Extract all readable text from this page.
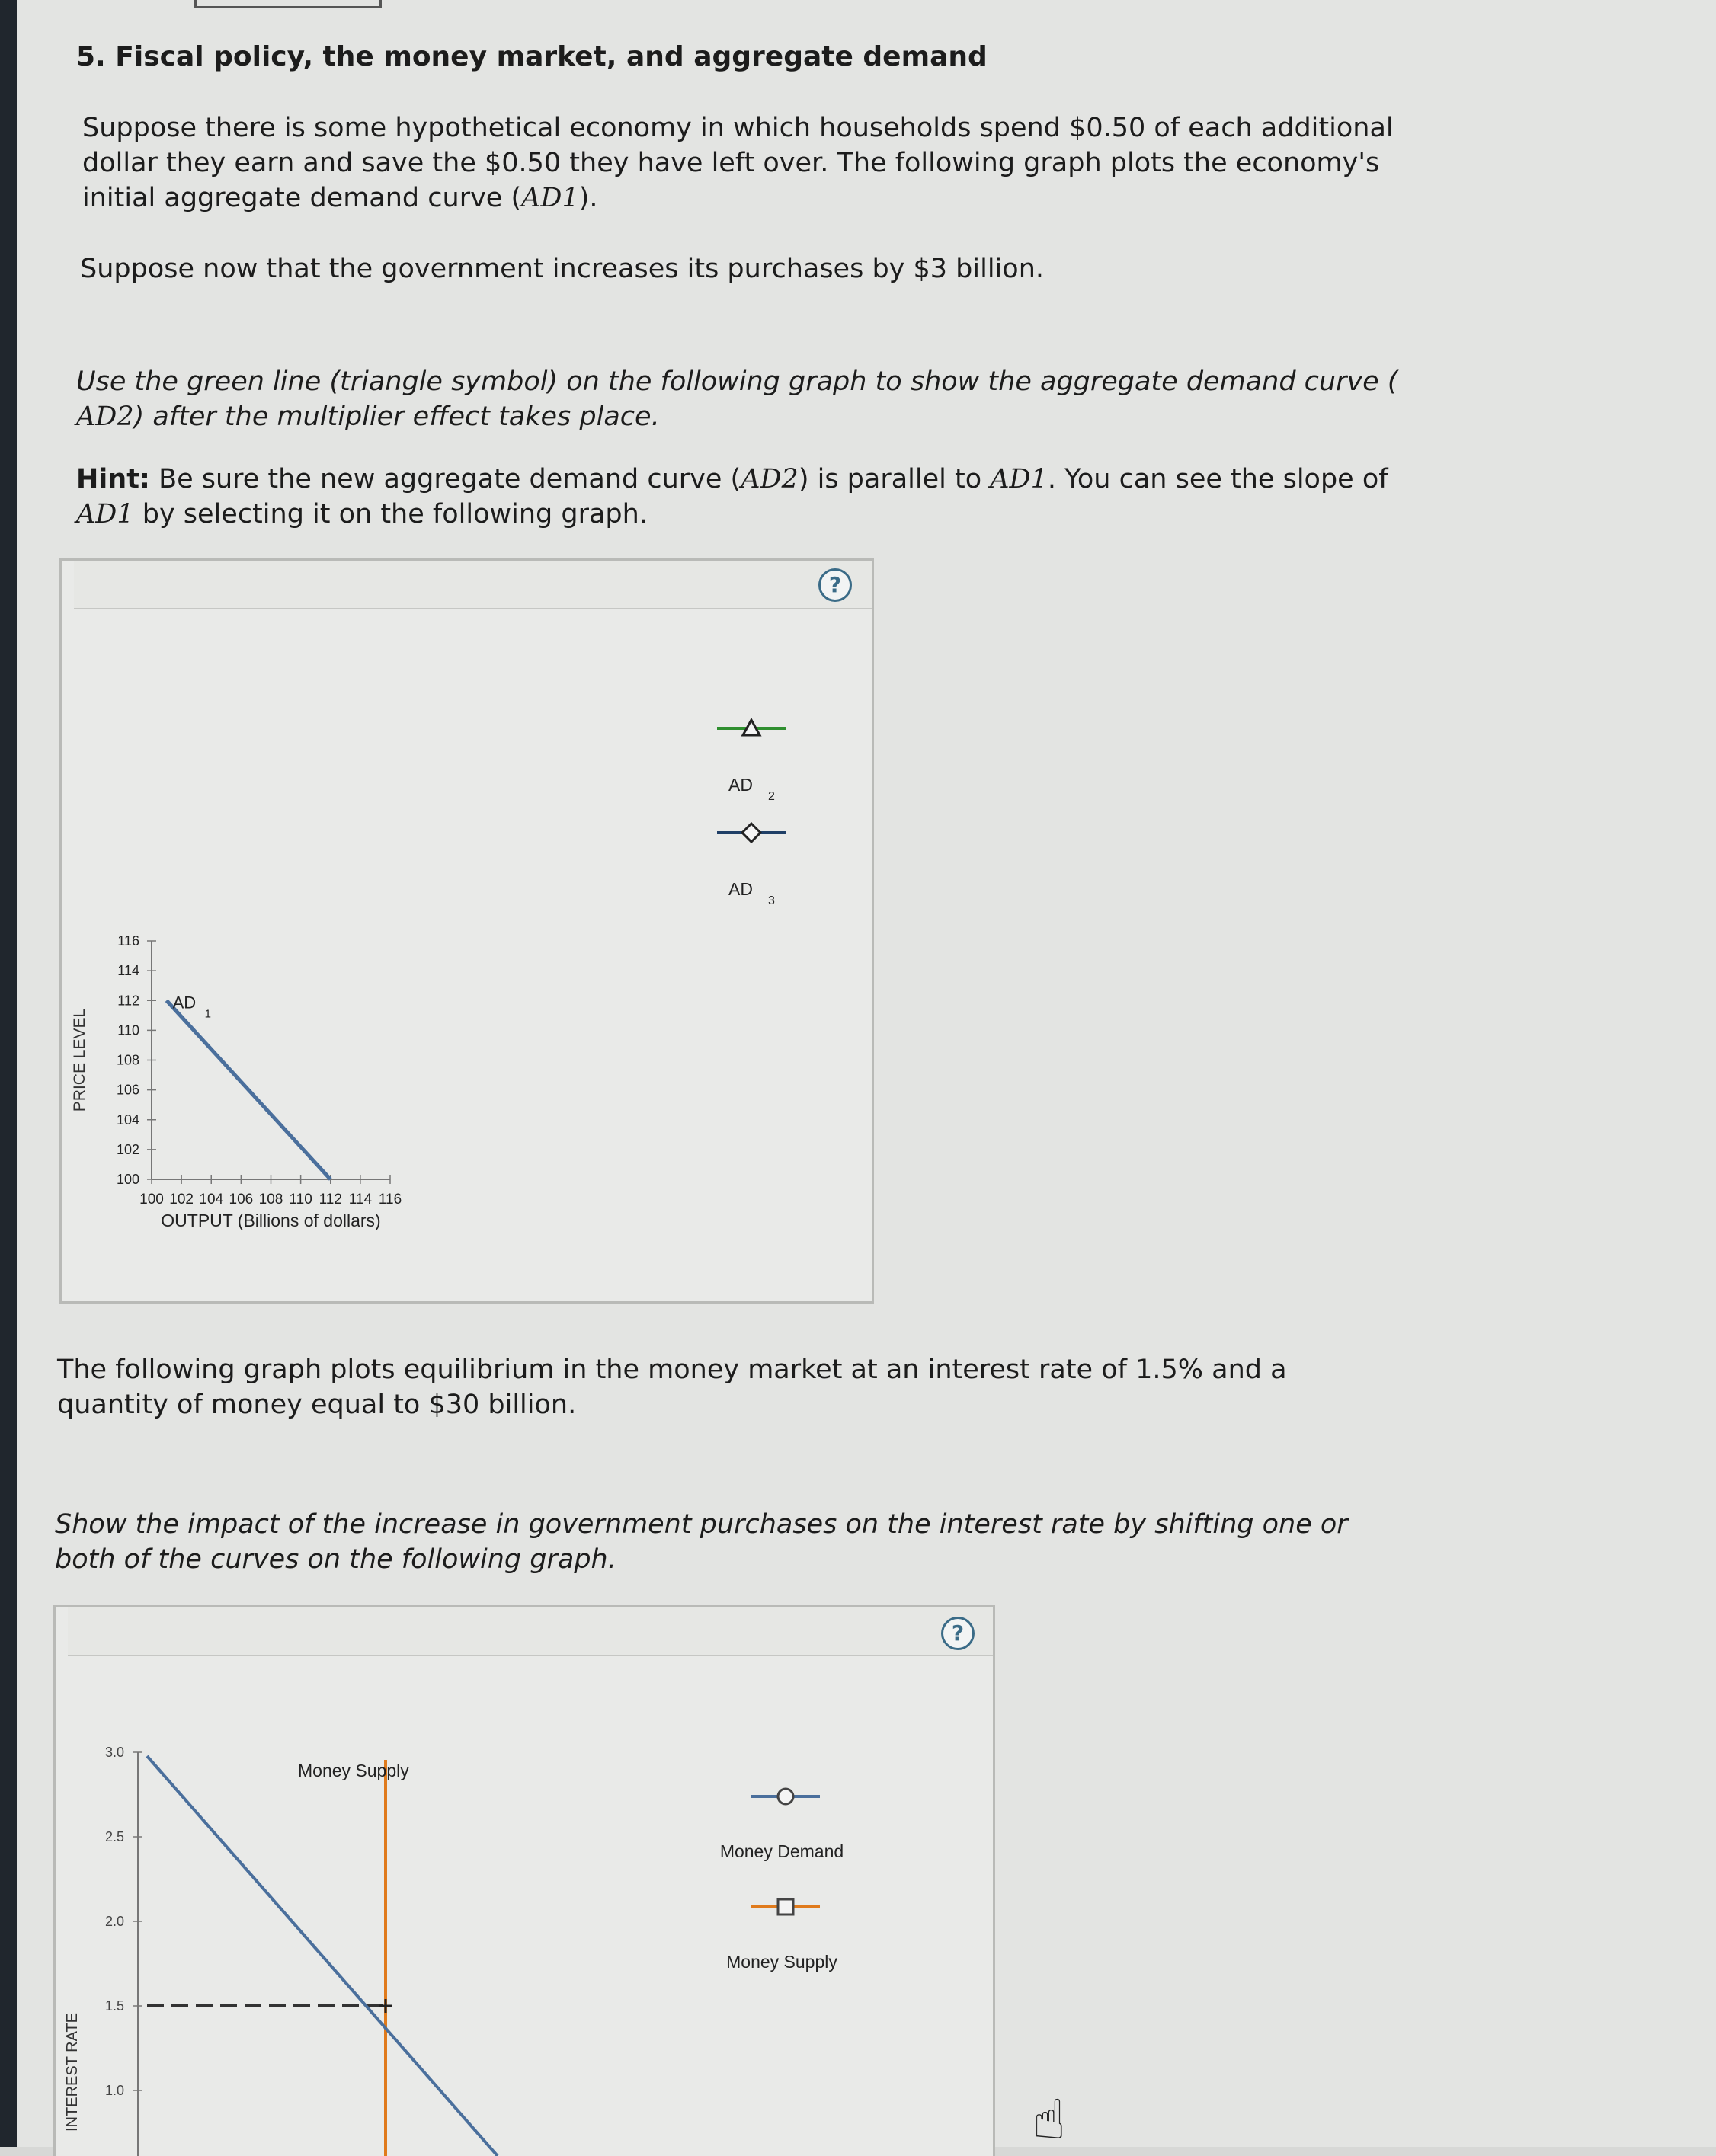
5. Fiscal policy, the money market, and aggregate demand

Suppose there is some hypothetical economy in which households spend $0.50 of each additional
dollar they earn and save the $0.50 they have left over. The following graph plots the economy's
initial aggregate demand curve (AD1).

Suppose now that the government increases its purchases by $3 billion.

Use the green line (triangle symbol) on the following graph to show the aggregate demand curve (
AD2) after the multiplier effect takes place.

Hint: Be sure the new aggregate demand curve (AD2) is parallel to AD1. You can see the slope of
AD1 by selecting it on the following graph.

?
100 102 104 106 108 110 112 114 116
100
102
104
106
108
110
112
114
116
OUTPUT (Billions of dollars)
PRICE LEVEL
AD
1
AD
2
AD
3

The following graph plots equilibrium in the money market at an interest rate of 1.5% and a
quantity of money equal to $30 billion.

Show the impact of the increase in government purchases on the interest rate by shifting one or
both of the curves on the following graph.

?
1.0
1.5
2.0
2.5
3.0
INTEREST RATE
Money Supply
Money Demand
Money Supply
☝
